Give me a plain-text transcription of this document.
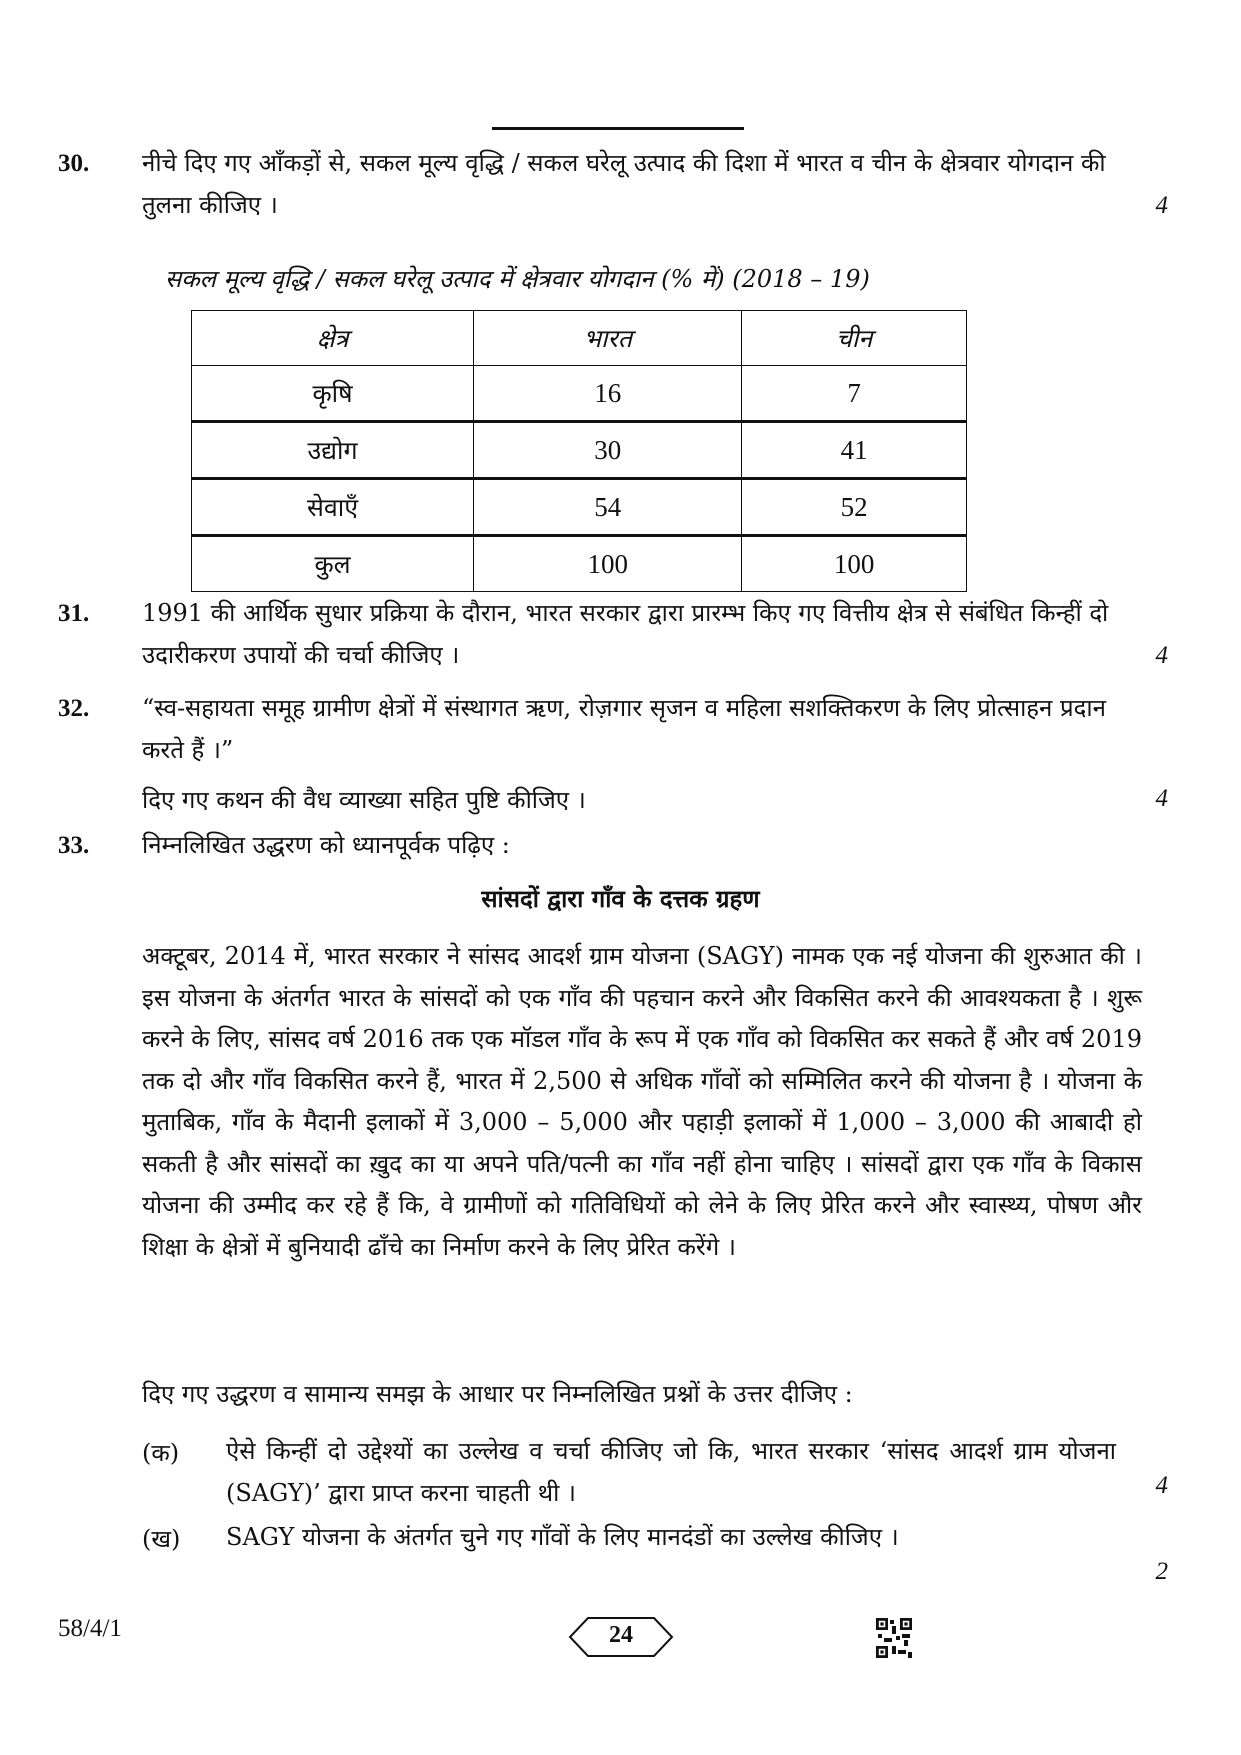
30. नीचे दिए गए आँकड़ों से, सकल मूल्य वृद्धि / सकल घरेलू उत्पाद की दिशा में भारत व चीन के क्षेत्रवार योगदान की तुलना कीजिए ।	4
सकल मूल्य वृद्धि / सकल घरेलू उत्पाद में क्षेत्रवार योगदान (% में) (2018 – 19)
क्षेत्र	भारत	चीन
कृषि	16	7
उद्योग	30	41
सेवाएँ	54	52
कुल	100	100
31. 1991 की आर्थिक सुधार प्रक्रिया के दौरान, भारत सरकार द्वारा प्रारम्भ किए गए वित्तीय क्षेत्र से संबंधित किन्हीं दो उदारीकरण उपायों की चर्चा कीजिए ।	4
32. “स्व-सहायता समूह ग्रामीण क्षेत्रों में संस्थागत ऋण, रोज़गार सृजन व महिला सशक्तिकरण के लिए प्रोत्साहन प्रदान करते हैं ।”
दिए गए कथन की वैध व्याख्या सहित पुष्टि कीजिए ।	4
33. निम्नलिखित उद्धरण को ध्यानपूर्वक पढ़िए :
सांसदों द्वारा गाँव के दत्तक ग्रहण
अक्टूबर, 2014 में, भारत सरकार ने सांसद आदर्श ग्राम योजना (SAGY) नामक एक नई योजना की शुरुआत की । इस योजना के अंतर्गत भारत के सांसदों को एक गाँव की पहचान करने और विकसित करने की आवश्यकता है । शुरू करने के लिए, सांसद वर्ष 2016 तक एक मॉडल गाँव के रूप में एक गाँव को विकसित कर सकते हैं और वर्ष 2019 तक दो और गाँव विकसित करने हैं, भारत में 2,500 से अधिक गाँवों को सम्मिलित करने की योजना है । योजना के मुताबिक, गाँव के मैदानी इलाकों में 3,000 – 5,000 और पहाड़ी इलाकों में 1,000 – 3,000 की आबादी हो सकती है और सांसदों का ख़ुद का या अपने पति/पत्नी का गाँव नहीं होना चाहिए । सांसदों द्वारा एक गाँव के विकास योजना की उम्मीद कर रहे हैं कि, वे ग्रामीणों को गतिविधियों को लेने के लिए प्रेरित करने और स्वास्थ्य, पोषण और शिक्षा के क्षेत्रों में बुनियादी ढाँचे का निर्माण करने के लिए प्रेरित करेंगे ।
दिए गए उद्धरण व सामान्य समझ के आधार पर निम्नलिखित प्रश्नों के उत्तर दीजिए :
(क) ऐसे किन्हीं दो उद्देश्यों का उल्लेख व चर्चा कीजिए जो कि, भारत सरकार ‘सांसद आदर्श ग्राम योजना (SAGY)’ द्वारा प्राप्त करना चाहती थी ।	4
(ख) SAGY योजना के अंतर्गत चुने गए गाँवों के लिए मानदंडों का उल्लेख कीजिए ।
2
58/4/1	24
